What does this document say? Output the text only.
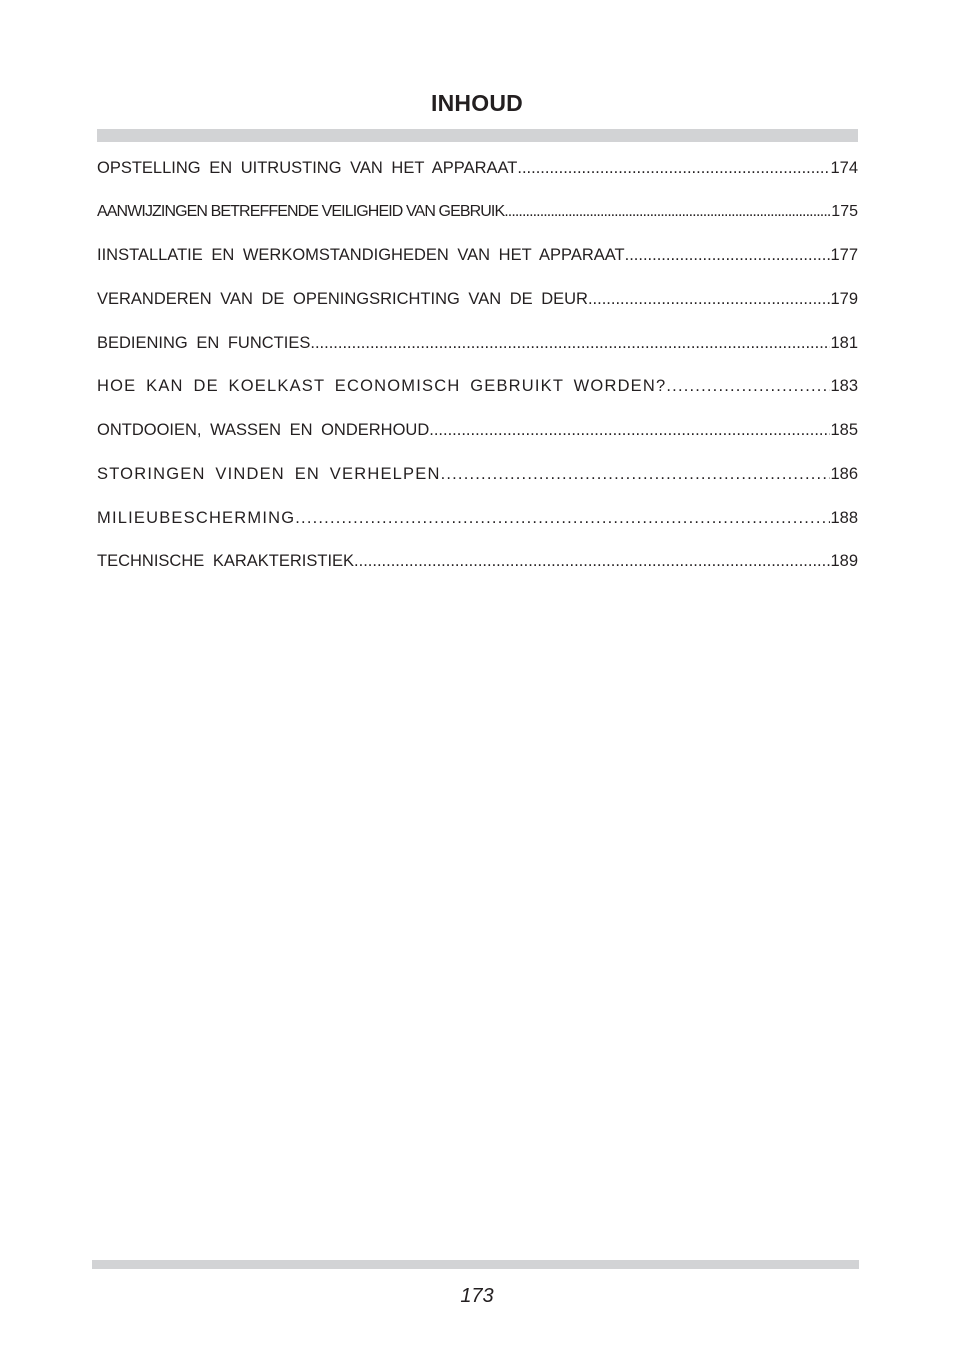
INHOUD
OPSTELLING EN UITRUSTING VAN HET APPARAAT .....	174
AANWIJZINGEN BETREFFENDE VEILIGHEID VAN GEBRUIK .....	175
IINSTALLATIE EN WERKOMSTANDIGHEDEN VAN HET APPARAAT .....	177
VERANDEREN VAN DE OPENINGSRICHTING VAN DE DEUR .....	179
BEDIENING EN FUNCTIES .....	181
HOE KAN DE KOELKAST ECONOMISCH GEBRUIKT WORDEN? .....	183
ONTDOOIEN, WASSEN EN ONDERHOUD .....	185
STORINGEN VINDEN EN VERHELPEN .....	186
MILIEUBESCHERMING .....	188
TECHNISCHE KARAKTERISTIEK .....	189
173
